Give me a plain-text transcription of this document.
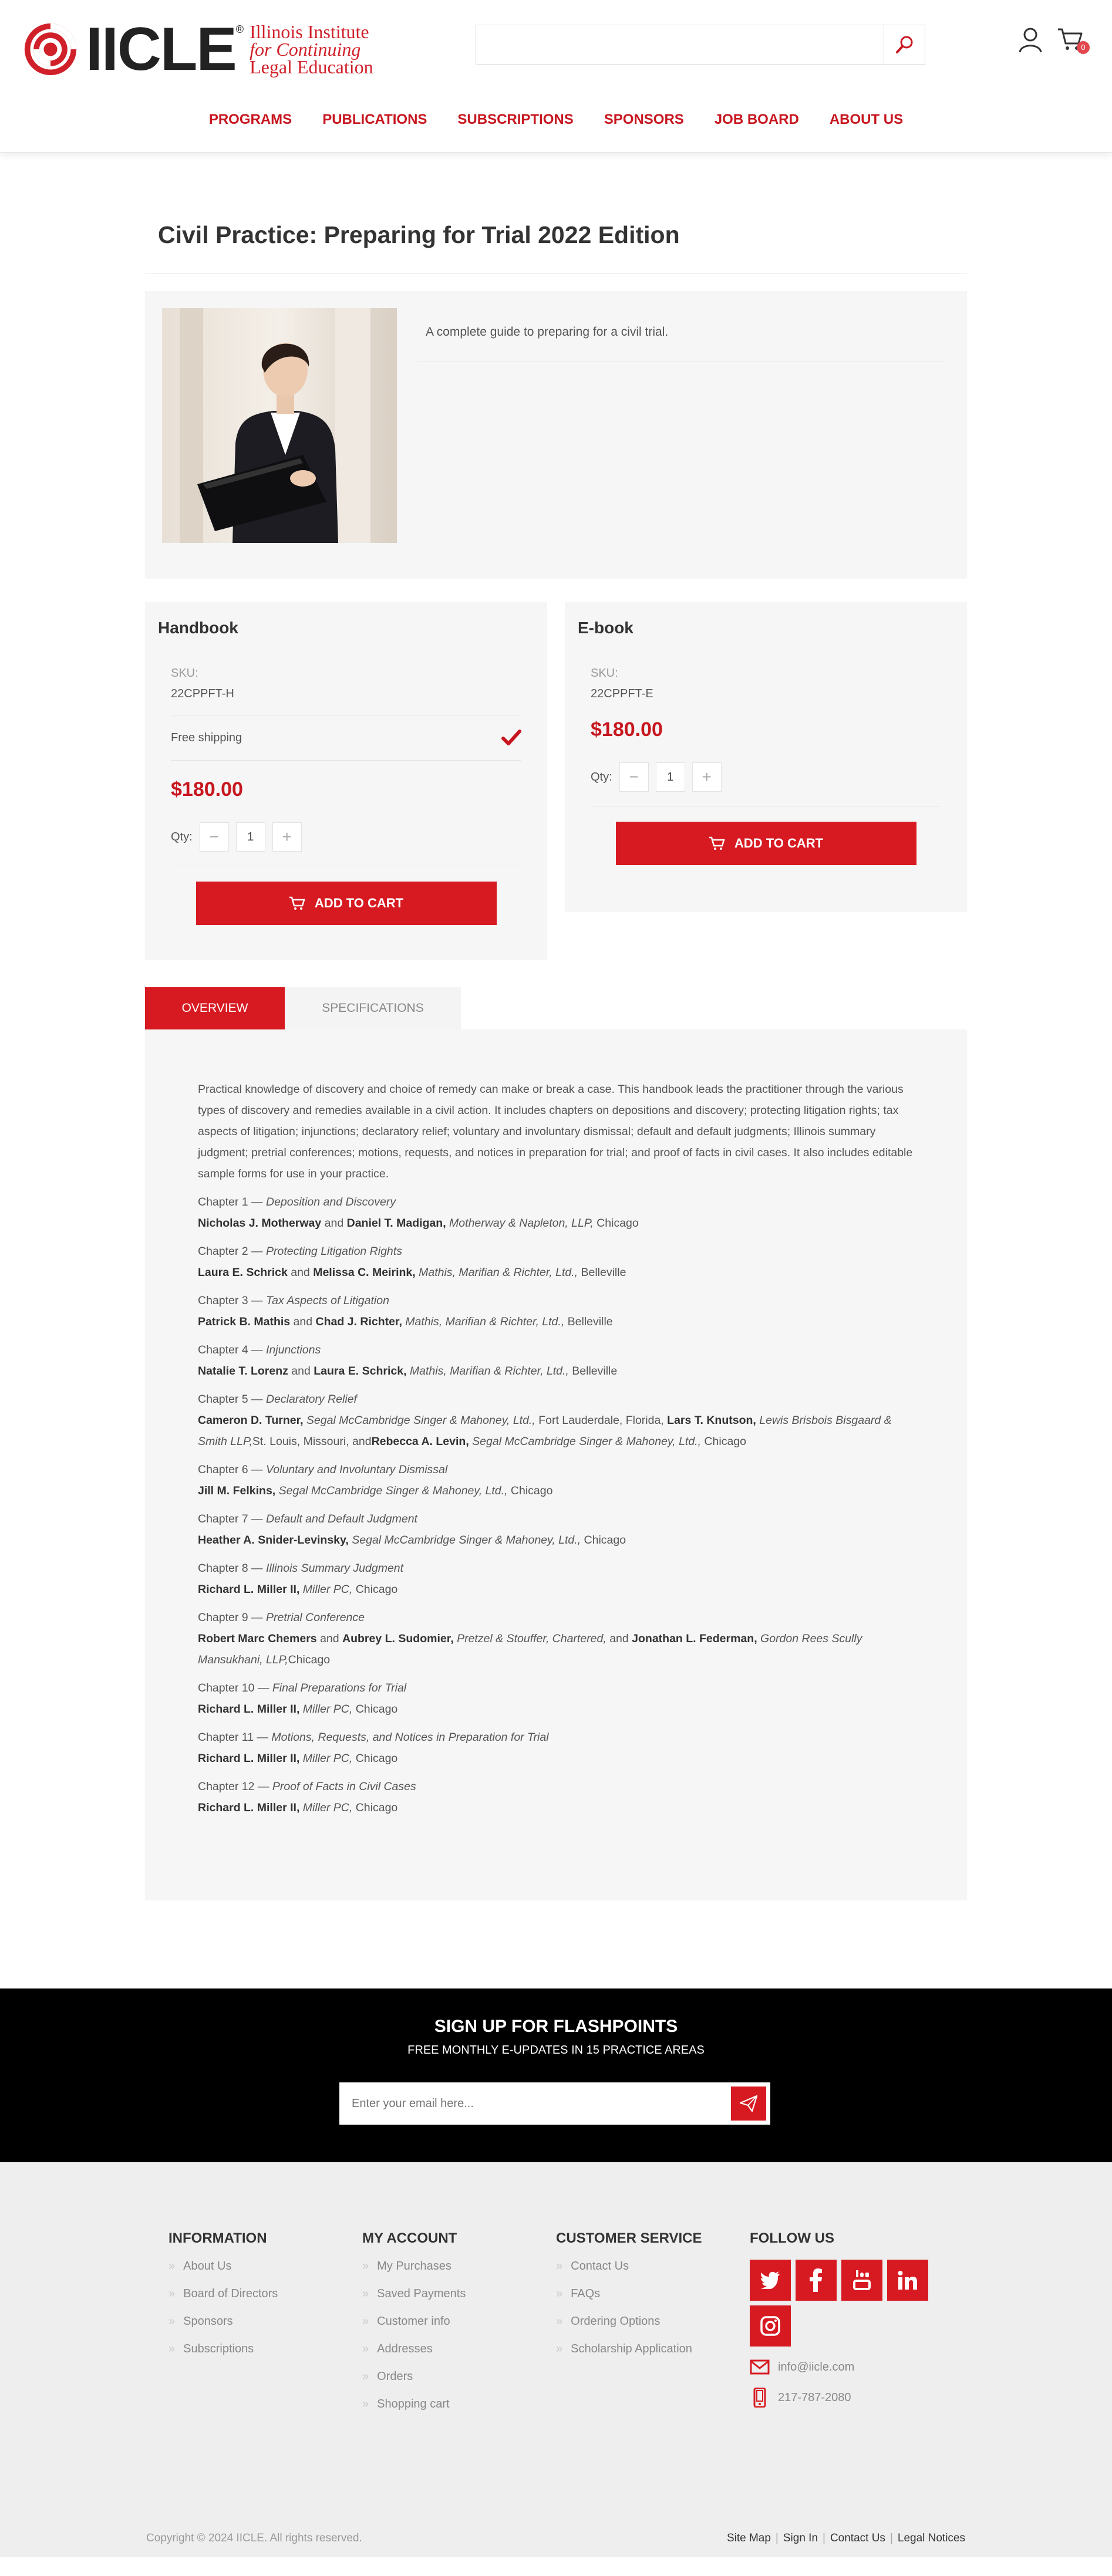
IICLE ® Illinois Institute
for Continuing
Legal Education
0
PROGRAMS	PUBLICATIONS	SUBSCRIPTIONS	SPONSORS	JOB BOARD	ABOUT US
Civil Practice: Preparing for Trial 2022 Edition
A complete guide to preparing for a civil trial.
Handbook
SKU:
22CPPFT-H
Free shipping
$180.00
Qty:	−	1	+
ADD TO CART
E-book
SKU:
22CPPFT-E
$180.00
Qty:	−	1	+
ADD TO CART
OVERVIEW	SPECIFICATIONS

Practical knowledge of discovery and choice of remedy can make or break a case. This handbook leads the practitioner through the various types of discovery and remedies available in a civil action. It includes chapters on depositions and discovery; protecting litigation rights; tax aspects of litigation; injunctions; declaratory relief; voluntary and involuntary dismissal; default and default judgments; Illinois summary judgment; pretrial conferences; motions, requests, and notices in preparation for trial; and proof of facts in civil cases. It also includes editable sample forms for use in your practice.

Chapter 1 — Deposition and Discovery
Nicholas J. Motherway and Daniel T. Madigan, Motherway & Napleton, LLP, Chicago
Chapter 2 — Protecting Litigation Rights
Laura E. Schrick and Melissa C. Meirink, Mathis, Marifian & Richter, Ltd., Belleville
Chapter 3 — Tax Aspects of Litigation
Patrick B. Mathis and Chad J. Richter, Mathis, Marifian & Richter, Ltd., Belleville
Chapter 4 — Injunctions
Natalie T. Lorenz and Laura E. Schrick, Mathis, Marifian & Richter, Ltd., Belleville
Chapter 5 — Declaratory Relief
Cameron D. Turner, Segal McCambridge Singer & Mahoney, Ltd., Fort Lauderdale, Florida, Lars T. Knutson, Lewis Brisbois Bisgaard & Smith LLP,St. Louis, Missouri, andRebecca A. Levin, Segal McCambridge Singer & Mahoney, Ltd., Chicago
Chapter 6 — Voluntary and Involuntary Dismissal
Jill M. Felkins, Segal McCambridge Singer & Mahoney, Ltd., Chicago
Chapter 7 — Default and Default Judgment
Heather A. Snider-Levinsky, Segal McCambridge Singer & Mahoney, Ltd., Chicago
Chapter 8 — Illinois Summary Judgment
Richard L. Miller II, Miller PC, Chicago
Chapter 9 — Pretrial Conference
Robert Marc Chemers and Aubrey L. Sudomier, Pretzel & Stouffer, Chartered, and Jonathan L. Federman, Gordon Rees Scully Mansukhani, LLP,Chicago
Chapter 10 — Final Preparations for Trial
Richard L. Miller II, Miller PC, Chicago
Chapter 11 — Motions, Requests, and Notices in Preparation for Trial
Richard L. Miller II, Miller PC, Chicago
Chapter 12 — Proof of Facts in Civil Cases
Richard L. Miller II, Miller PC, Chicago
SIGN UP FOR FLASHPOINTS
FREE MONTHLY E-UPDATES IN 15 PRACTICE AREAS
Enter your email here...
INFORMATION
» About Us
» Board of Directors
» Sponsors
» Subscriptions
MY ACCOUNT
» My Purchases
» Saved Payments
» Customer info
» Addresses
» Orders
» Shopping cart
CUSTOMER SERVICE
» Contact Us
» FAQs
» Ordering Options
» Scholarship Application
FOLLOW US
info@iicle.com
217-787-2080
Copyright © 2024 IICLE. All rights reserved.	Site Map | Sign In | Contact Us | Legal Notices
